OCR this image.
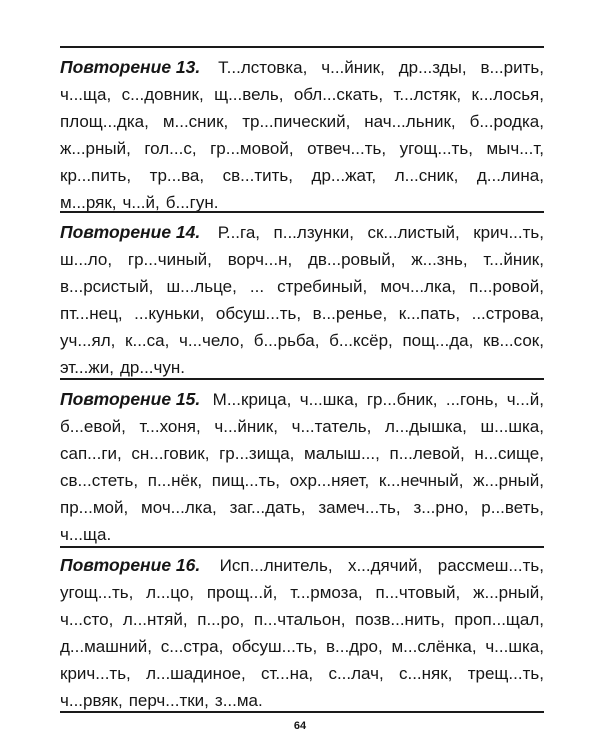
Повторение 13. Т...лстовка, ч...йник, др...зды, в...рить,
ч...ща, с...довник, щ...вель, обл...скать, т...лстяк, к...лосья,
площ...дка, м...сник, тр...пический, нач...льник, б...родка,
ж...рный, гол...с, гр...мовой, отвеч...ть, угощ...ть, мыч...т,
кр...пить, тр...ва, св...тить, др...жат, л...сник, д...лина,
м...ряк, ч...й, б...гун.
Повторение 14. Р...га, п...лзунки, ск...листый, крич...ть,
ш...ло, гр...чиный, ворч...н, дв...ровый, ж...знь, т...йник,
в...рсистый, ш...льце, ... стребиный, моч...лка, п...ровой,
пт...нец, ...куньки, обсуш...ть, в...ренье, к...пать, ...строва,
уч...ял, к...са, ч...чело, б...рьба, б...ксёр, пощ...да, кв...сок,
эт...жи, др...чун.
Повторение 15. М...крица, ч...шка, гр...бник, ...гонь, ч...й,
б...евой, т...хоня, ч...йник, ч...татель, л...дышка, ш...шка,
сап...ги, сн...говик, гр...зища, малыш..., п...левой, н...сище,
св...стеть, п...нёк, пищ...ть, охр...няет, к...нечный, ж...рный,
пр...мой, моч...лка, заг...дать, замеч...ть, з...рно, р...веть,
ч...ща.
Повторение 16. Исп...лнитель, х...дячий, рассмеш...ть,
угощ...ть, л...цо, прощ...й, т...рмоза, п...чтовый, ж...рный,
ч...сто, л...нтяй, п...ро, п...чтальон, позв...нить, проп...щал,
д...машний, с...стра, обсуш...ть, в...дро, м...слёнка, ч...шка,
крич...ть, л...шадиное, ст...на, с...лач, с...няк, трещ...ть,
ч...рвяк, перч...тки, з...ма.
64
